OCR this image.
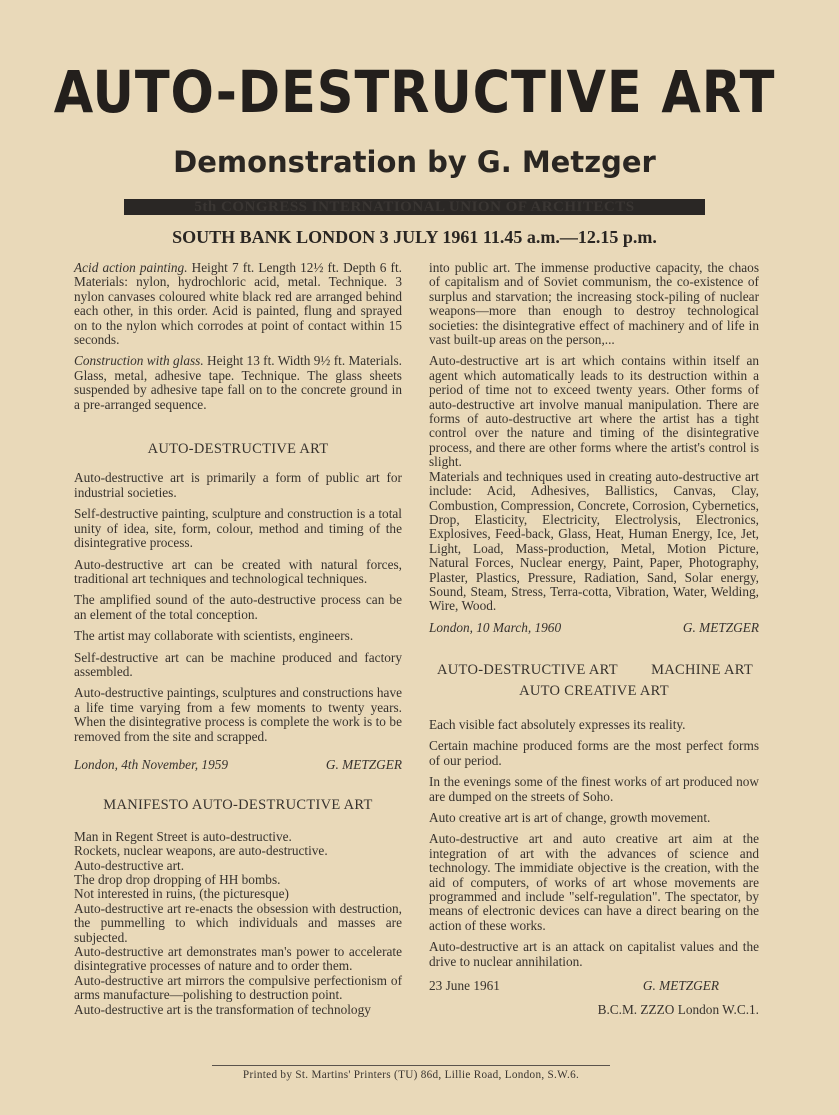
AUTO-DESTRUCTIVE ART
Demonstration by G. Metzger
5th CONGRESS INTERNATIONAL UNION OF ARCHITECTS
SOUTH BANK LONDON 3 JULY 1961 11.45 a.m.—12.15 p.m.

Acid action painting. Height 7 ft. Length 12½ ft. Depth 6 ft. Materials: nylon, hydrochloric acid, metal. Technique. 3 nylon canvases coloured white black red are arranged behind each other, in this order. Acid is painted, flung and sprayed on to the nylon which corrodes at point of contact within 15 seconds.

Construction with glass. Height 13 ft. Width 9½ ft. Materials. Glass, metal, adhesive tape. Technique. The glass sheets suspended by adhesive tape fall on to the concrete ground in a pre-arranged sequence.

AUTO-DESTRUCTIVE ART

Auto-destructive art is primarily a form of public art for industrial societies.

Self-destructive painting, sculpture and construction is a total unity of idea, site, form, colour, method and timing of the disintegrative process.

Auto-destructive art can be created with natural forces, traditional art techniques and technological techniques.

The amplified sound of the auto-destructive process can be an element of the total conception.

The artist may collaborate with scientists, engineers.

Self-destructive art can be machine produced and factory assembled.

Auto-destructive paintings, sculptures and constructions have a life time varying from a few moments to twenty years. When the disintegrative process is complete the work is to be removed from the site and scrapped.

London, 4th November, 1959	G. METZGER
MANIFESTO AUTO-DESTRUCTIVE ART

Man in Regent Street is auto-destructive.

Rockets, nuclear weapons, are auto-destructive.

Auto-destructive art.

The drop drop dropping of HH bombs.

Not interested in ruins, (the picturesque)

Auto-destructive art re-enacts the obsession with destruction, the pummelling to which individuals and masses are subjected.

Auto-destructive art demonstrates man's power to accelerate disintegrative processes of nature and to order them.

Auto-destructive art mirrors the compulsive perfectionism of arms manufacture—polishing to destruction point.

Auto-destructive art is the transformation of technology

into public art. The immense productive capacity, the chaos of capitalism and of Soviet communism, the co-existence of surplus and starvation; the increasing stock-piling of nuclear weapons—more than enough to destroy technological societies: the disintegrative effect of machinery and of life in vast built-up areas on the person,...

Auto-destructive art is art which contains within itself an agent which automatically leads to its destruction within a period of time not to exceed twenty years. Other forms of auto-destructive art involve manual manipulation. There are forms of auto-destructive art where the artist has a tight control over the nature and timing of the disintegrative process, and there are other forms where the artist's control is slight.

Materials and techniques used in creating auto-destructive art include: Acid, Adhesives, Ballistics, Canvas, Clay, Combustion, Compression, Concrete, Corrosion, Cybernetics, Drop, Elasticity, Electricity, Electrolysis, Electronics, Explosives, Feed-back, Glass, Heat, Human Energy, Ice, Jet, Light, Load, Mass-production, Metal, Motion Picture, Natural Forces, Nuclear energy, Paint, Paper, Photography, Plaster, Plastics, Pressure, Radiation, Sand, Solar energy, Sound, Steam, Stress, Terra-cotta, Vibration, Water, Welding, Wire, Wood.

London, 10 March, 1960	G. METZGER
AUTO-DESTRUCTIVE ART MACHINE ART
AUTO CREATIVE ART

Each visible fact absolutely expresses its reality.

Certain machine produced forms are the most perfect forms of our period.

In the evenings some of the finest works of art produced now are dumped on the streets of Soho.

Auto creative art is art of change, growth movement.

Auto-destructive art and auto creative art aim at the integration of art with the advances of science and technology. The immidiate objective is the creation, with the aid of computers, of works of art whose movements are programmed and include "self-regulation". The spectator, by means of electronic devices can have a direct bearing on the action of these works.

Auto-destructive art is an attack on capitalist values and the drive to nuclear annihilation.

23 June 1961	G. METZGER
B.C.M. ZZZO London W.C.1.
Printed by St. Martins' Printers (TU) 86d, Lillie Road, London, S.W.6.
